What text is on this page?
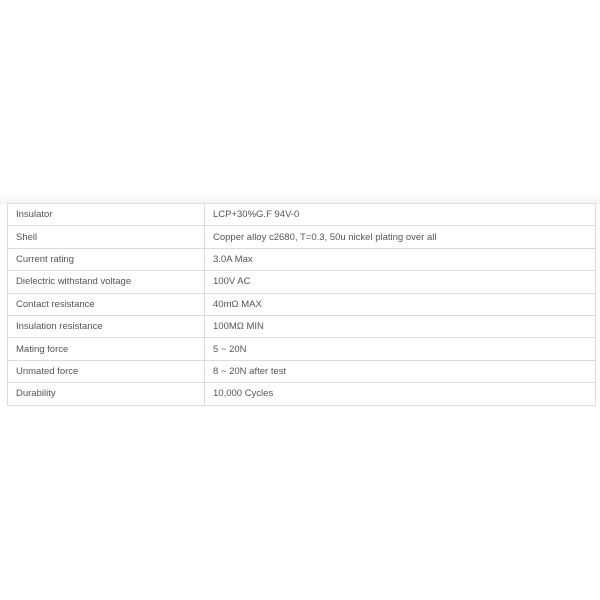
Insulator	LCP+30%G.F 94V-0
Shell	Copper alloy c2680, T=0.3, 50u nickel plating over all
Current rating	3.0A Max
Dielectric withstand voltage	100V AC
Contact resistance	40mΩ MAX
Insulation resistance	100MΩ MIN
Mating force	5 ~ 20N
Unmated force	8 ~ 20N after test
Durability	10,000 Cycles
